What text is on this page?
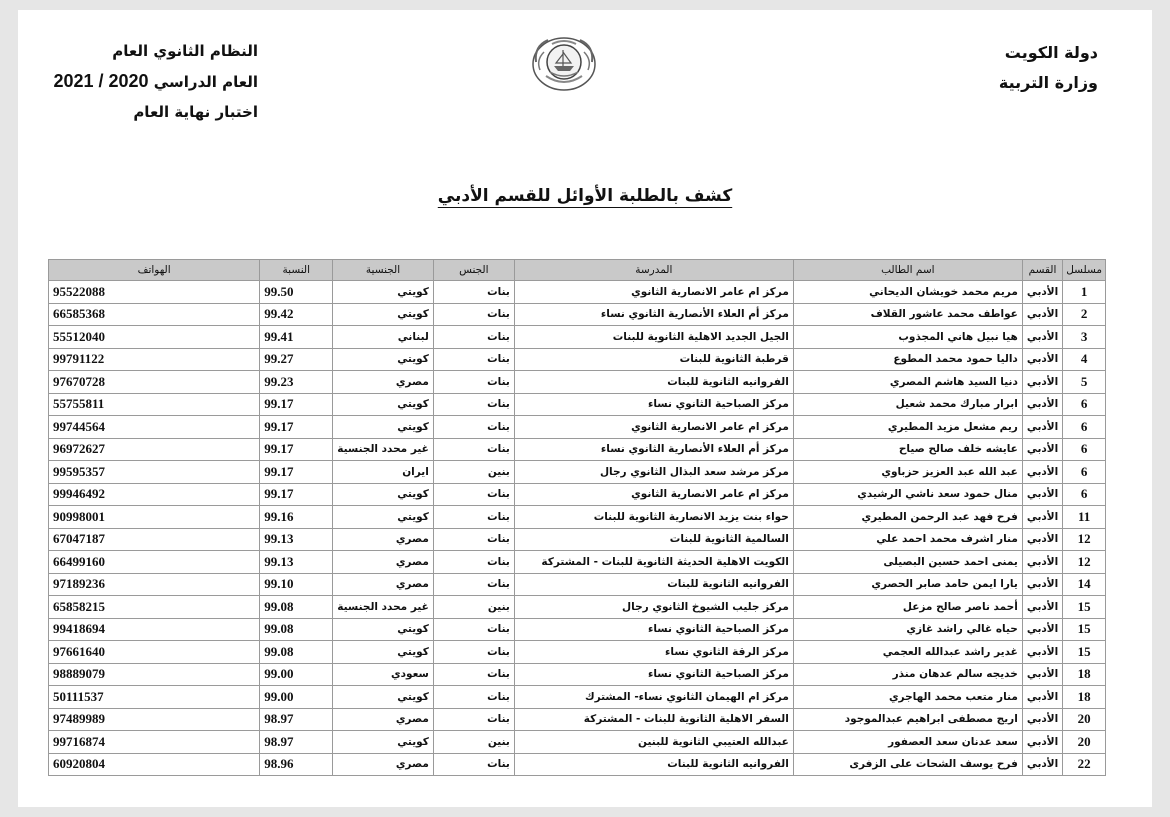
دولة الكويت
وزارة التربية
النظام الثانوي العام
العام الدراسي 2021 / 2020
اختبار نهاية العام
كشف بالطلبة الأوائل للقسم الأدبي
مسلسل	القسم	اسم الطالب	المدرسة	الجنس	الجنسية	النسبة	الهواتف
1	الأدبي	مريم محمد خويشان الديحاني	مركز ام عامر الانصارية الثانوي	بنات	كويتي	99.50	95522088
2	الأدبي	عواطف محمد عاشور القلاف	مركز أم العلاء الأنصارية الثانوي نساء	بنات	كويتي	99.42	66585368
3	الأدبي	هيا نبيل هاني المجذوب	الجيل الجديد الاهلية الثانوية للبنات	بنات	لبناني	99.41	55512040
4	الأدبي	داليا حمود محمد المطوع	قرطبة الثانوية للبنات	بنات	كويتي	99.27	99791122
5	الأدبي	دنيا السيد هاشم المصري	الفروانيه الثانوية للبنات	بنات	مصري	99.23	97670728
6	الأدبي	ابرار مبارك محمد شعيل	مركز الصباحية الثانوي نساء	بنات	كويتي	99.17	55755811
6	الأدبي	ريم مشعل مزيد المطيري	مركز ام عامر الانصارية الثانوي	بنات	كويتي	99.17	99744564
6	الأدبي	عايشه خلف صالح صياح	مركز أم العلاء الأنصارية الثانوي نساء	بنات	غير محدد الجنسية	99.17	96972627
6	الأدبي	عبد الله عبد العزيز حزباوي	مركز مرشد سعد البذال الثانوي رجال	بنين	ايران	99.17	99595357
6	الأدبي	منال حمود سعد ناشي الرشيدي	مركز ام عامر الانصارية الثانوي	بنات	كويتي	99.17	99946492
11	الأدبي	فرح فهد عبد الرحمن المطيري	حواء بنت يزيد الانصارية الثانوية للبنات	بنات	كويتي	99.16	90998001
12	الأدبي	منار اشرف محمد احمد علي	السالمية الثانوية للبنات	بنات	مصري	99.13	67047187
12	الأدبي	يمنى احمد حسين البصيلى	الكويت الاهلية الحديثة الثانوية للبنات - المشتركة	بنات	مصري	99.13	66499160
14	الأدبي	يارا ايمن حامد صابر الحصري	الفروانيه الثانوية للبنات	بنات	مصري	99.10	97189236
15	الأدبي	أحمد ناصر صالح مزعل	مركز جليب الشيوخ الثانوي رجال	بنين	غير محدد الجنسية	99.08	65858215
15	الأدبي	حياه غالي راشد غازي	مركز الصباحية الثانوي نساء	بنات	كويتي	99.08	99418694
15	الأدبي	غدير راشد عبدالله العجمي	مركز الرقة الثانوي نساء	بنات	كويتي	99.08	97661640
18	الأدبي	خديجه سالم عدهان منذر	مركز الصباحية الثانوي نساء	بنات	سعودي	99.00	98889079
18	الأدبي	منار متعب محمد الهاجري	مركز ام الهيمان الثانوي نساء- المشترك	بنات	كويتي	99.00	50111537
20	الأدبي	اريج مصطفى ابراهيم عبدالموجود	السفر الاهلية الثانوية للبنات - المشتركة	بنات	مصري	98.97	97489989
20	الأدبي	سعد عدنان سعد العصفور	عبدالله العتيبي الثانوية للبنين	بنين	كويتي	98.97	99716874
22	الأدبي	فرح يوسف الشحات على الزفرى	الفروانيه الثانوية للبنات	بنات	مصري	98.96	60920804
